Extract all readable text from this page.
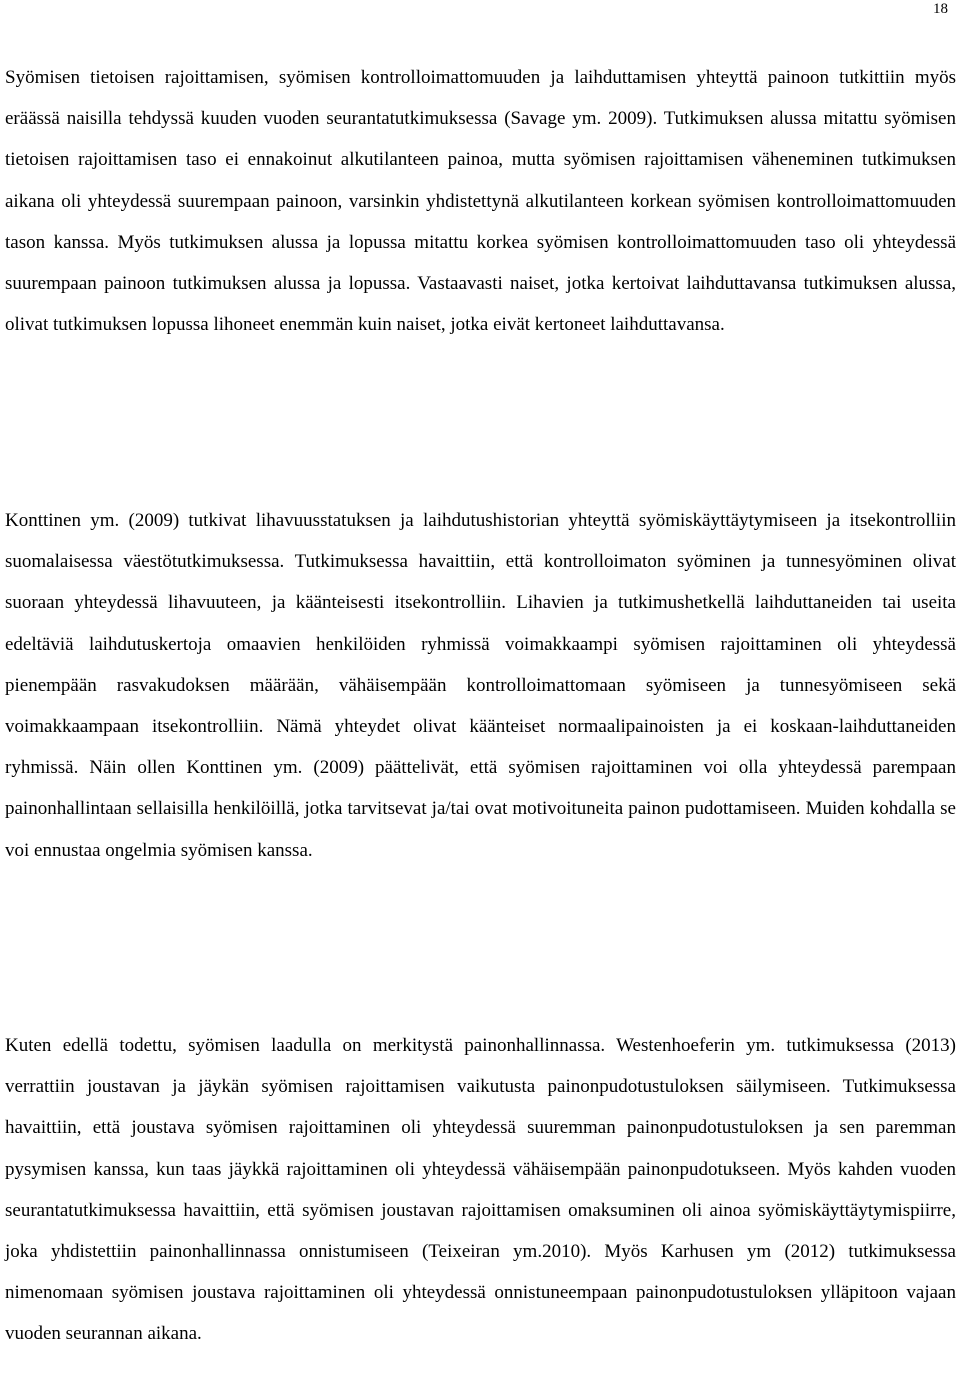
18
Syömisen tietoisen rajoittamisen, syömisen kontrolloimattomuuden ja laihduttamisen yhteyttä painoon tutkittiin myös eräässä naisilla tehdyssä kuuden vuoden seurantatutkimuksessa (Savage ym. 2009). Tutkimuksen alussa mitattu syömisen tietoisen rajoittamisen taso ei ennakoinut alkutilanteen painoa, mutta syömisen rajoittamisen väheneminen tutkimuksen aikana oli yhteydessä suurempaan painoon, varsinkin yhdistettynä alkutilanteen korkean syömisen kontrolloimattomuuden tason kanssa. Myös tutkimuksen alussa ja lopussa mitattu korkea syömisen kontrolloimattomuuden taso oli yhteydessä suurempaan painoon tutkimuksen alussa ja lopussa. Vastaavasti naiset, jotka kertoivat laihduttavansa tutkimuksen alussa, olivat tutkimuksen lopussa lihoneet enemmän kuin naiset, jotka eivät kertoneet laihduttavansa.
Konttinen ym. (2009) tutkivat lihavuusstatuksen ja laihdutushistorian yhteyttä syömiskäyttäytymiseen ja itsekontrolliin suomalaisessa väestötutkimuksessa. Tutkimuksessa havaittiin, että kontrolloimaton syöminen ja tunnesyöminen olivat suoraan yhteydessä lihavuuteen, ja käänteisesti itsekontrolliin. Lihavien ja tutkimushetkellä laihduttaneiden tai useita edeltäviä laihdutuskertoja omaavien henkilöiden ryhmissä voimakkaampi syömisen rajoittaminen oli yhteydessä pienempään rasvakudoksen määrään, vähäisempään kontrolloimattomaan syömiseen ja tunnesyömiseen sekä voimakkaampaan itsekontrolliin. Nämä yhteydet olivat käänteiset normaalipainoisten ja ei koskaan-laihduttaneiden ryhmissä. Näin ollen Konttinen ym. (2009) päättelivät, että syömisen rajoittaminen voi olla yhteydessä parempaan painonhallintaan sellaisilla henkilöillä, jotka tarvitsevat ja/tai ovat motivoituneita painon pudottamiseen. Muiden kohdalla se voi ennustaa ongelmia syömisen kanssa.
Kuten edellä todettu, syömisen laadulla on merkitystä painonhallinnassa. Westenhoeferin ym. tutkimuksessa (2013) verrattiin joustavan ja jäykän syömisen rajoittamisen vaikutusta painonpudotustuloksen säilymiseen. Tutkimuksessa havaittiin, että joustava syömisen rajoittaminen oli yhteydessä suuremman painonpudotustuloksen ja sen paremman pysymisen kanssa, kun taas jäykkä rajoittaminen oli yhteydessä vähäisempään painonpudotukseen. Myös kahden vuoden seurantatutkimuksessa havaittiin, että syömisen joustavan rajoittamisen omaksuminen oli ainoa syömiskäyttäytymispiirre, joka yhdistettiin painonhallinnassa onnistumiseen (Teixeiran ym.2010). Myös Karhusen ym (2012) tutkimuksessa nimenomaan syömisen joustava rajoittaminen oli yhteydessä onnistuneempaan painonpudotustuloksen ylläpitoon vajaan vuoden seurannan aikana.
